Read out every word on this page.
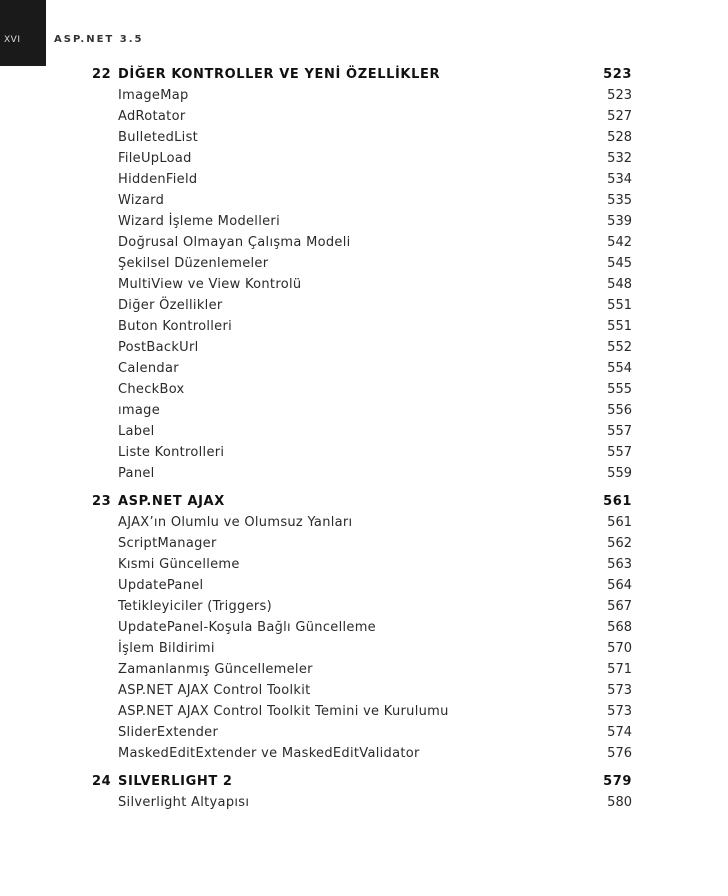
XVI	ASP.NET 3.5
22 DİĞER KONTROLLER VE YENİ ÖZELLİKLER	523
ImageMap	523
AdRotator	527
BulletedList	528
FileUpLoad	532
HiddenField	534
Wizard	535
Wizard İşleme Modelleri	539
Doğrusal Olmayan Çalışma Modeli	542
Şekilsel Düzenlemeler	545
MultiView ve View Kontrolü	548
Diğer Özellikler	551
Buton Kontrolleri	551
PostBackUrl	552
Calendar	554
CheckBox	555
ımage	556
Label	557
Liste Kontrolleri	557
Panel	559
23 ASP.NET AJAX	561
AJAX’ın Olumlu ve Olumsuz Yanları	561
ScriptManager	562
Kısmi Güncelleme	563
UpdatePanel	564
Tetikleyiciler (Triggers)	567
UpdatePanel-Koşula Bağlı Güncelleme	568
İşlem Bildirimi	570
Zamanlanmış Güncellemeler	571
ASP.NET AJAX Control Toolkit	573
ASP.NET AJAX Control Toolkit Temini ve Kurulumu	573
SliderExtender	574
MaskedEditExtender ve MaskedEditValidator	576
24 SILVERLIGHT 2	579
Silverlight Altyapısı	580
